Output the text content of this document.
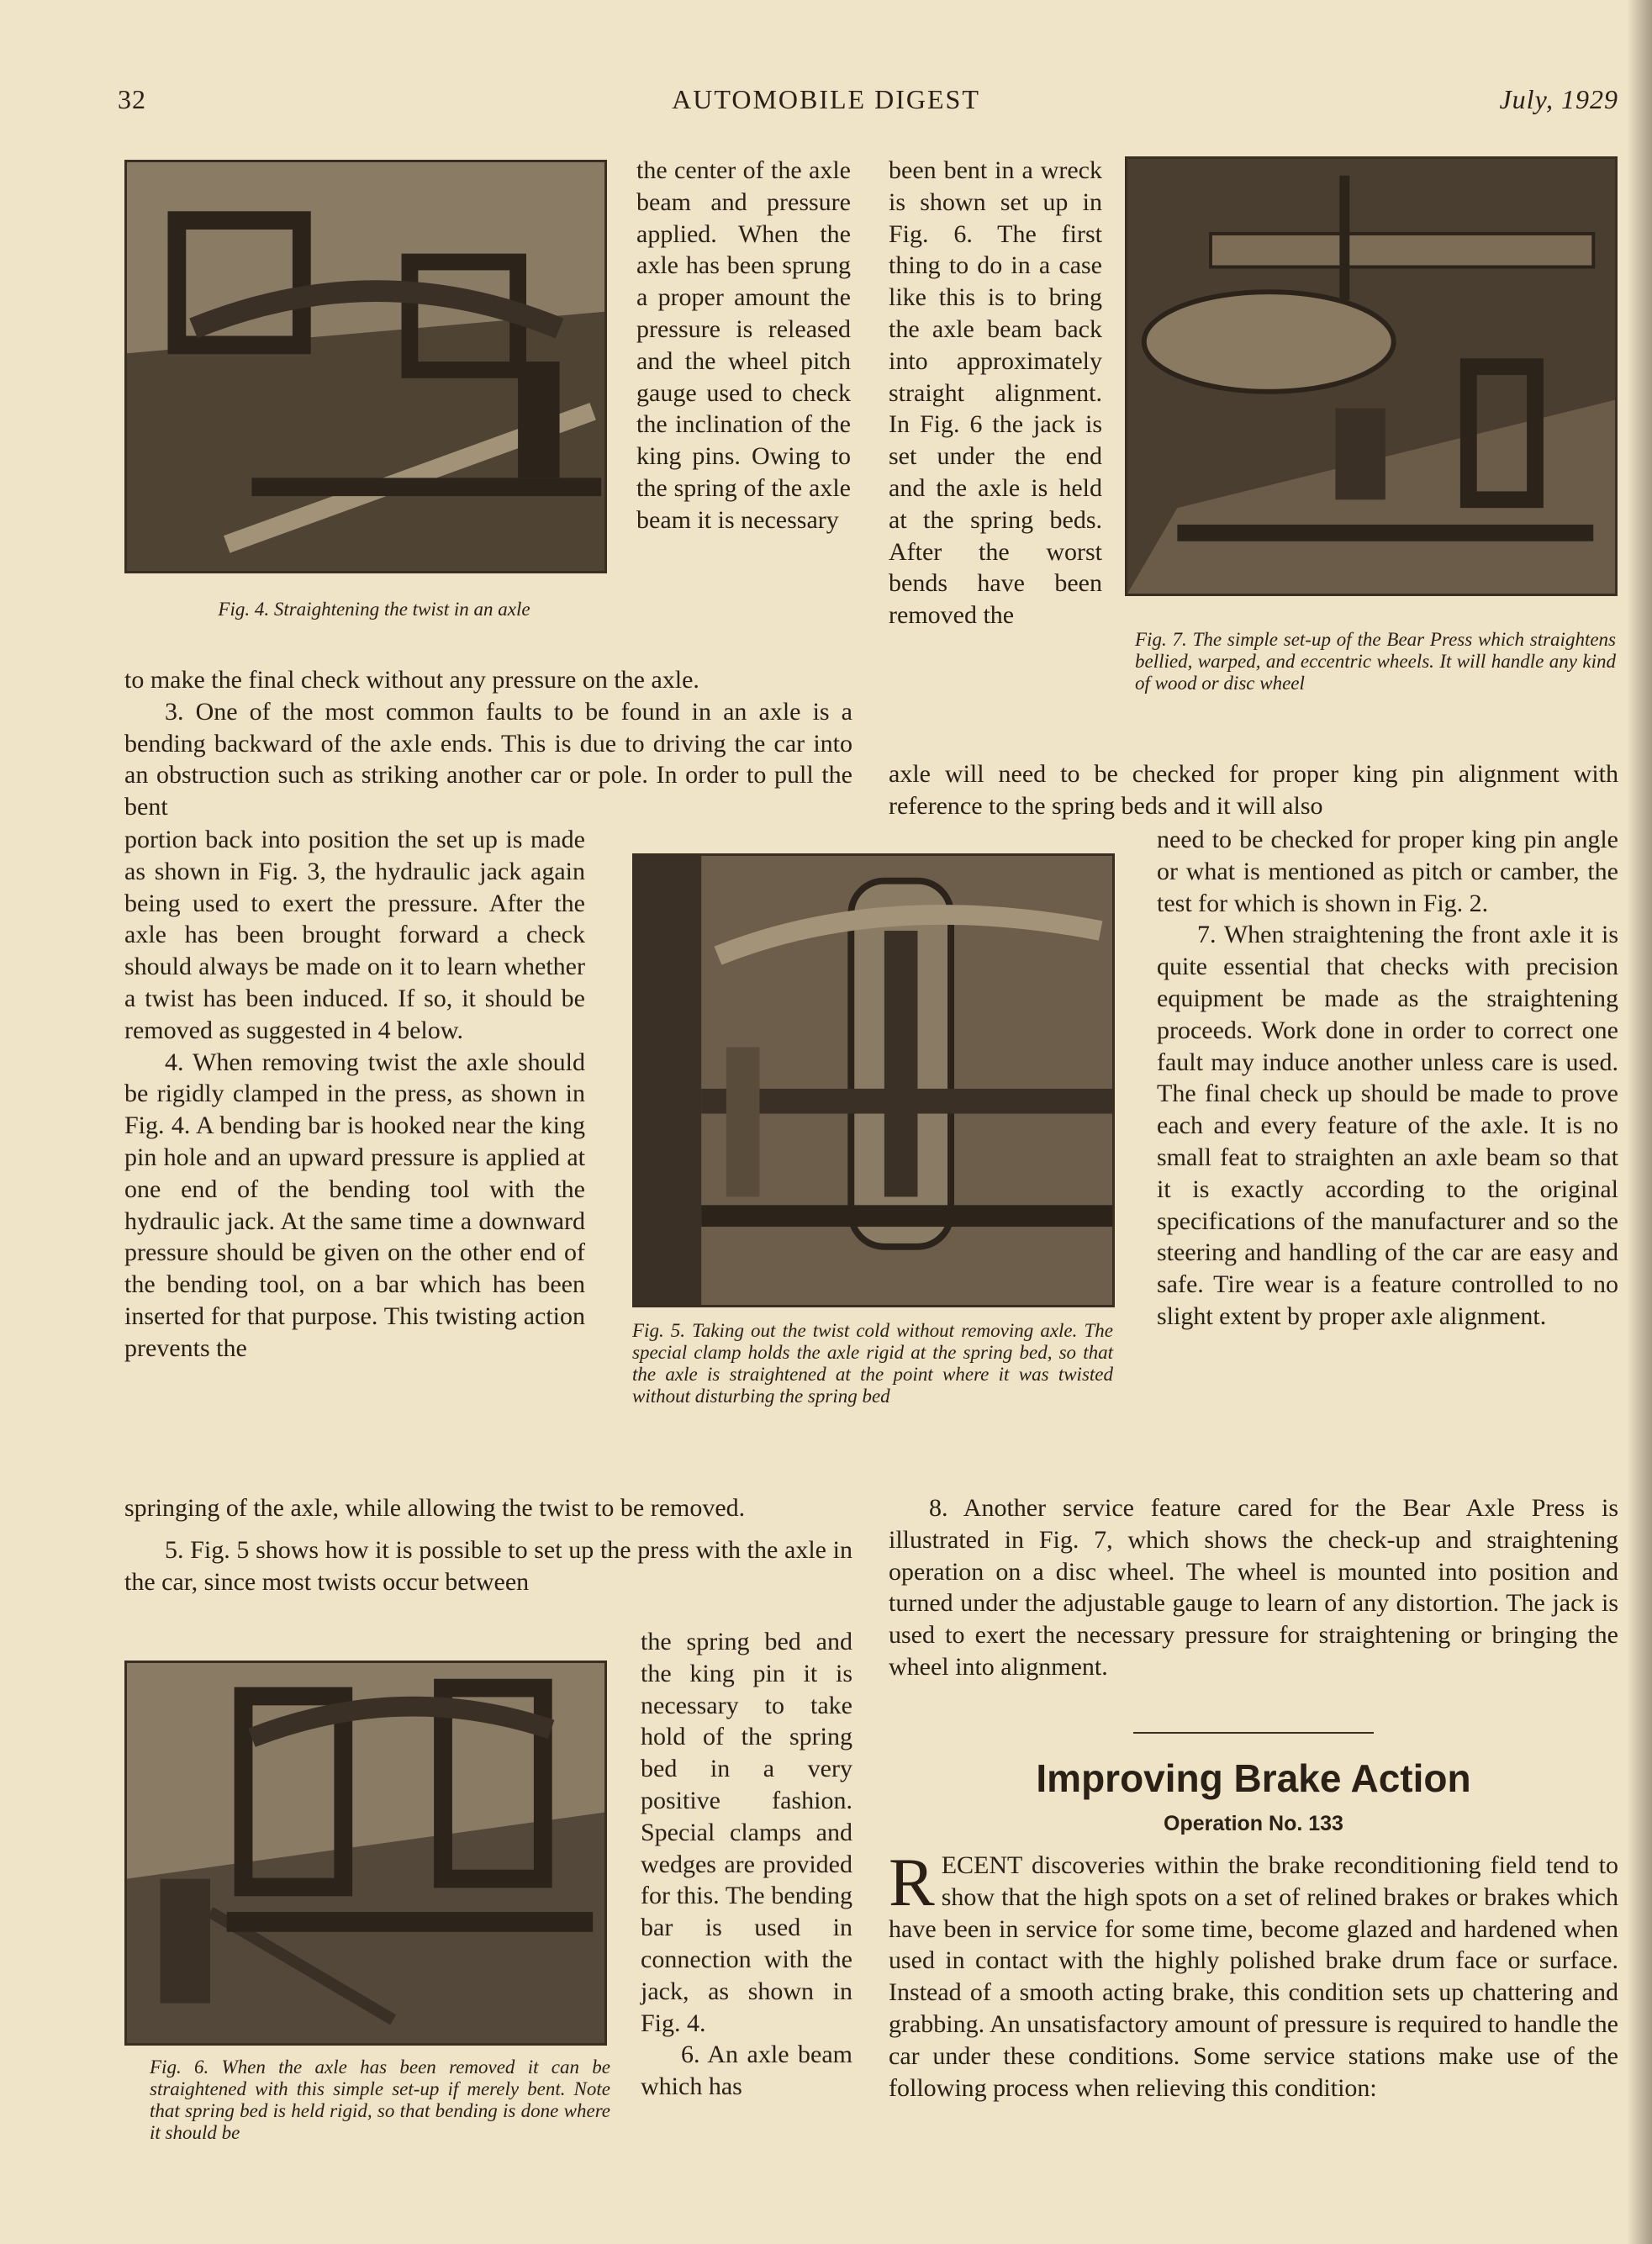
32	AUTOMOBILE DIGEST	July, 1929
Fig. 4. Straightening the twist in an axle

the center of the axle beam and pressure applied. When the axle has been sprung a proper amount the pressure is released and the wheel pitch gauge used to check the inclination of the king pins. Owing to the spring of the axle beam it is necessary

been bent in a wreck is shown set up in Fig. 6. The first thing to do in a case like this is to bring the axle beam back into approximately straight alignment. In Fig. 6 the jack is set under the end and the axle is held at the spring beds. After the worst bends have been removed the

Fig. 7. The simple set-up of the Bear Press which straightens bellied, warped, and eccentric wheels. It will handle any kind of wood or disc wheel

to make the final check without any pressure on the axle.

3. One of the most common faults to be found in an axle is a bending backward of the axle ends. This is due to driving the car into an obstruction such as striking another car or pole. In order to pull the bent

portion back into position the set up is made as shown in Fig. 3, the hydraulic jack again being used to exert the pressure. After the axle has been brought forward a check should always be made on it to learn whether a twist has been induced. If so, it should be removed as suggested in 4 below.

4. When removing twist the axle should be rigidly clamped in the press, as shown in Fig. 4. A bending bar is hooked near the king pin hole and an upward pressure is applied at one end of the bending tool with the hydraulic jack. At the same time a downward pressure should be given on the other end of the bending tool, on a bar which has been inserted for that purpose. This twisting action prevents the

springing of the axle, while allowing the twist to be removed.

5. Fig. 5 shows how it is possible to set up the press with the axle in the car, since most twists occur between

Fig. 5. Taking out the twist cold without removing axle. The special clamp holds the axle rigid at the spring bed, so that the axle is straightened at the point where it was twisted without disturbing the spring bed
Fig. 6. When the axle has been removed it can be straightened with this simple set-up if merely bent. Note that spring bed is held rigid, so that bending is done where it should be

the spring bed and the king pin it is necessary to take hold of the spring bed in a very positive fashion. Special clamps and wedges are provided for this. The bending bar is used in connection with the jack, as shown in Fig. 4.

6. An axle beam which has

axle will need to be checked for proper king pin alignment with reference to the spring beds and it will also

need to be checked for proper king pin angle or what is mentioned as pitch or camber, the test for which is shown in Fig. 2.

7. When straightening the front axle it is quite essential that checks with precision equipment be made as the straightening proceeds. Work done in order to correct one fault may induce another unless care is used. The final check up should be made to prove each and every feature of the axle. It is no small feat to straighten an axle beam so that it is exactly according to the original specifications of the manufacturer and so the steering and handling of the car are easy and safe. Tire wear is a feature controlled to no slight extent by proper axle alignment.

8. Another service feature cared for the Bear Axle Press is illustrated in Fig. 7, which shows the check-up and straightening operation on a disc wheel. The wheel is mounted into position and turned under the adjustable gauge to learn of any distortion. The jack is used to exert the necessary pressure for straightening or bringing the wheel into alignment.

Improving Brake Action
Operation No. 133

R ECENT discoveries within the brake reconditioning field tend to show that the high spots on a set of relined brakes or brakes which have been in service for some time, become glazed and hardened when used in contact with the highly polished brake drum face or surface. Instead of a smooth acting brake, this condition sets up chattering and grabbing. An unsatisfactory amount of pressure is required to handle the car under these conditions. Some service stations make use of the following process when relieving this condition:
